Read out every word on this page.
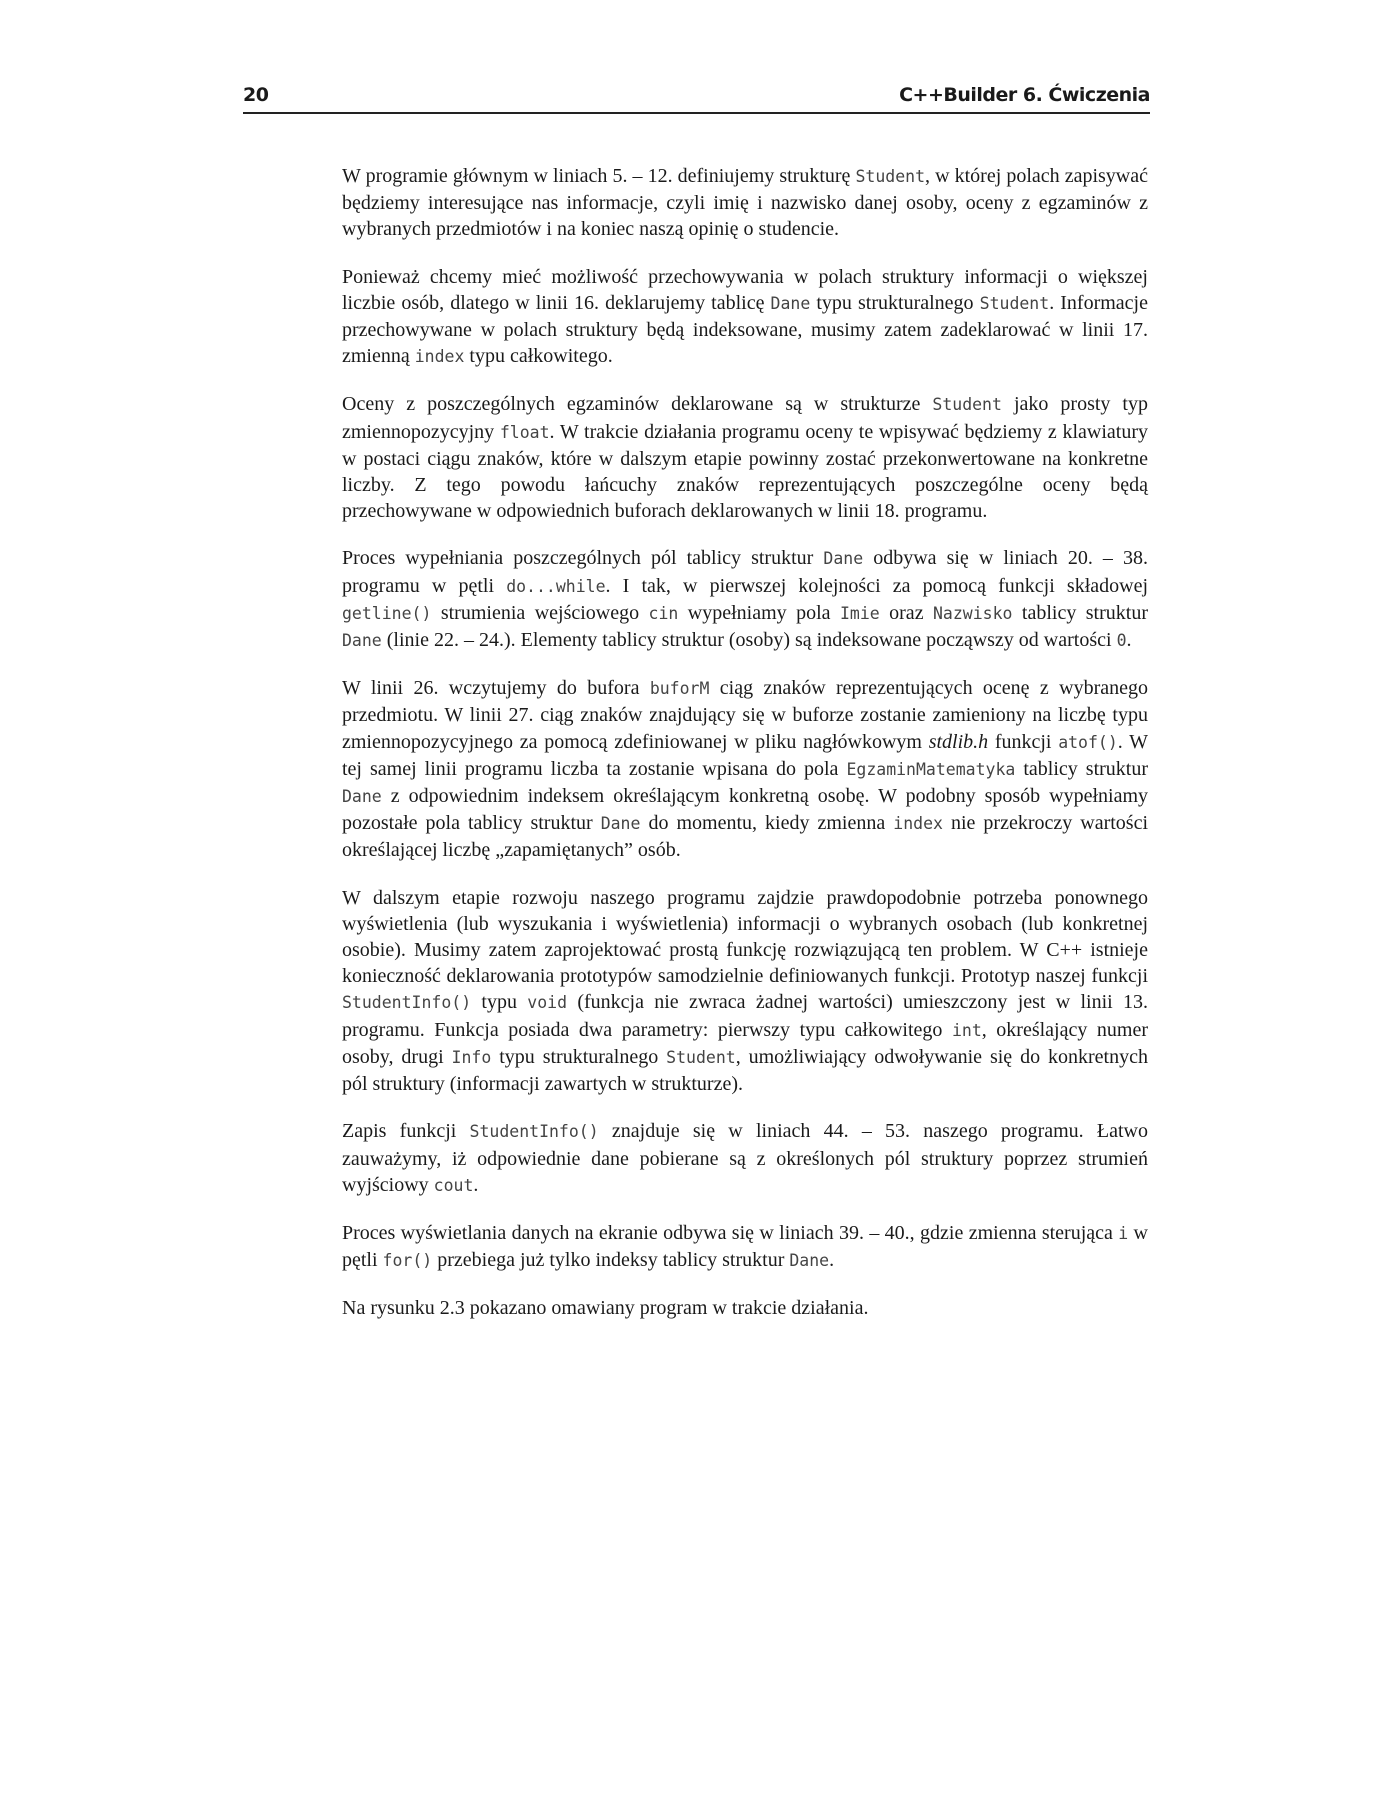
20	C++Builder 6. Ćwiczenia

W programie głównym w liniach 5. – 12. definiujemy strukturę Student, w której polach zapisywać będziemy interesujące nas informacje, czyli imię i nazwisko danej osoby, oceny z egzaminów z wybranych przedmiotów i na koniec naszą opinię o studencie.

Ponieważ chcemy mieć możliwość przechowywania w polach struktury informacji o większej liczbie osób, dlatego w linii 16. deklarujemy tablicę Dane typu strukturalnego Student. Informacje przechowywane w polach struktury będą indeksowane, musimy zatem zadeklarować w linii 17. zmienną index typu całkowitego.

Oceny z poszczególnych egzaminów deklarowane są w strukturze Student jako prosty typ zmiennopozycyjny float. W trakcie działania programu oceny te wpisywać będziemy z klawiatury w postaci ciągu znaków, które w dalszym etapie powinny zostać przekonwertowane na konkretne liczby. Z tego powodu łańcuchy znaków reprezentujących poszczególne oceny będą przechowywane w odpowiednich buforach deklarowanych w linii 18. programu.

Proces wypełniania poszczególnych pól tablicy struktur Dane odbywa się w liniach 20. – 38. programu w pętli do...while. I tak, w pierwszej kolejności za pomocą funkcji składowej getline() strumienia wejściowego cin wypełniamy pola Imie oraz Nazwisko tablicy struktur Dane (linie 22. – 24.). Elementy tablicy struktur (osoby) są indeksowane począwszy od wartości 0.

W linii 26. wczytujemy do bufora buforM ciąg znaków reprezentujących ocenę z wybranego przedmiotu. W linii 27. ciąg znaków znajdujący się w buforze zostanie zamieniony na liczbę typu zmiennopozycyjnego za pomocą zdefiniowanej w pliku nagłówkowym stdlib.h funkcji atof(). W tej samej linii programu liczba ta zostanie wpisana do pola EgzaminMatematyka tablicy struktur Dane z odpowiednim indeksem określającym konkretną osobę. W podobny sposób wypełniamy pozostałe pola tablicy struktur Dane do momentu, kiedy zmienna index nie przekroczy wartości określającej liczbę „zapamiętanych” osób.

W dalszym etapie rozwoju naszego programu zajdzie prawdopodobnie potrzeba ponownego wyświetlenia (lub wyszukania i wyświetlenia) informacji o wybranych osobach (lub konkretnej osobie). Musimy zatem zaprojektować prostą funkcję rozwiązującą ten problem. W C++ istnieje konieczność deklarowania prototypów samodzielnie definiowanych funkcji. Prototyp naszej funkcji StudentInfo() typu void (funkcja nie zwraca żadnej wartości) umieszczony jest w linii 13. programu. Funkcja posiada dwa parametry: pierwszy typu całkowitego int, określający numer osoby, drugi Info typu strukturalnego Student, umożliwiający odwoływanie się do konkretnych pól struktury (informacji zawartych w strukturze).

Zapis funkcji StudentInfo() znajduje się w liniach 44. – 53. naszego programu. Łatwo zauważymy, iż odpowiednie dane pobierane są z określonych pól struktury poprzez strumień wyjściowy cout.

Proces wyświetlania danych na ekranie odbywa się w liniach 39. – 40., gdzie zmienna sterująca i w pętli for() przebiega już tylko indeksy tablicy struktur Dane.

Na rysunku 2.3 pokazano omawiany program w trakcie działania.
